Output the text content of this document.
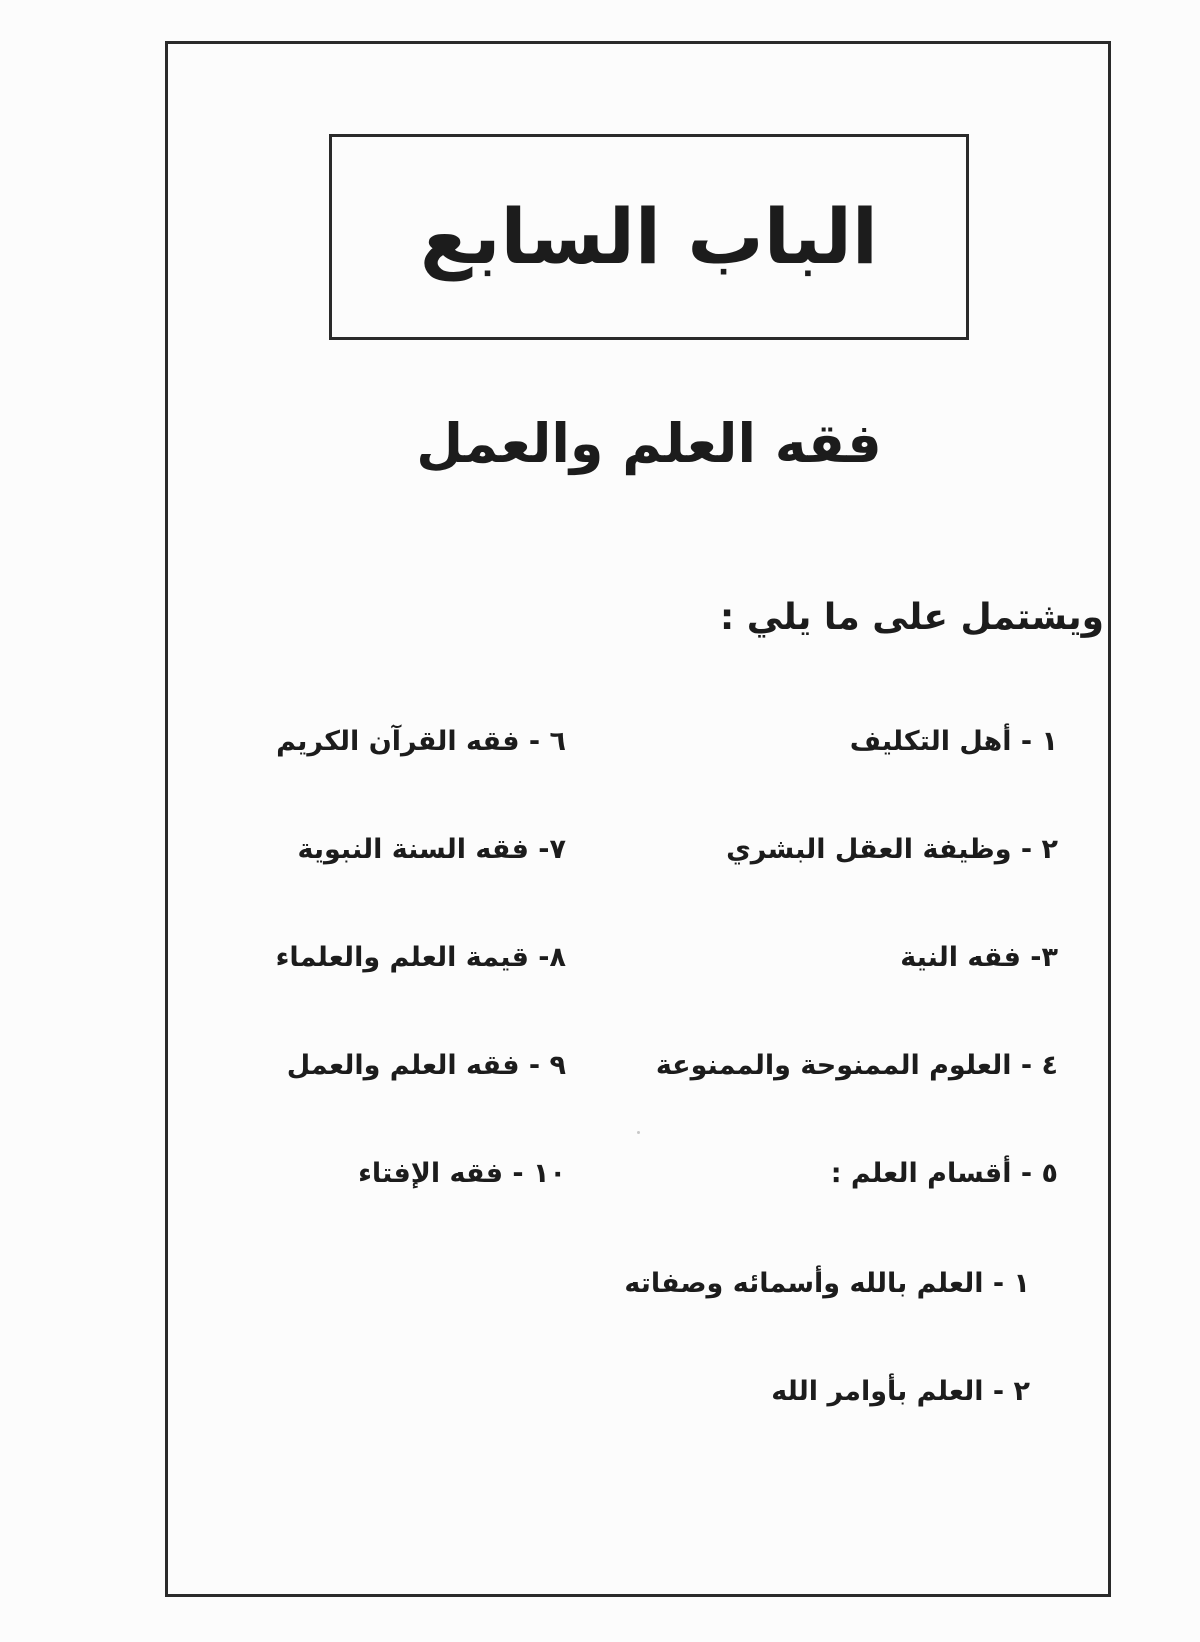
الباب السابع
فقه العلم والعمل
ويشتمل على ما يلي :
١ - أهل التكليف
٢ - وظيفة العقل البشري
٣- فقه النية
٤ - العلوم الممنوحة والممنوعة
٥ - أقسام العلم :
١ - العلم بالله وأسمائه وصفاته
٢ - العلم بأوامر الله
٦ - فقه القرآن الكريم
٧- فقه السنة النبوية
٨- قيمة العلم والعلماء
٩ - فقه العلم والعمل
١٠ - فقه الإفتاء
